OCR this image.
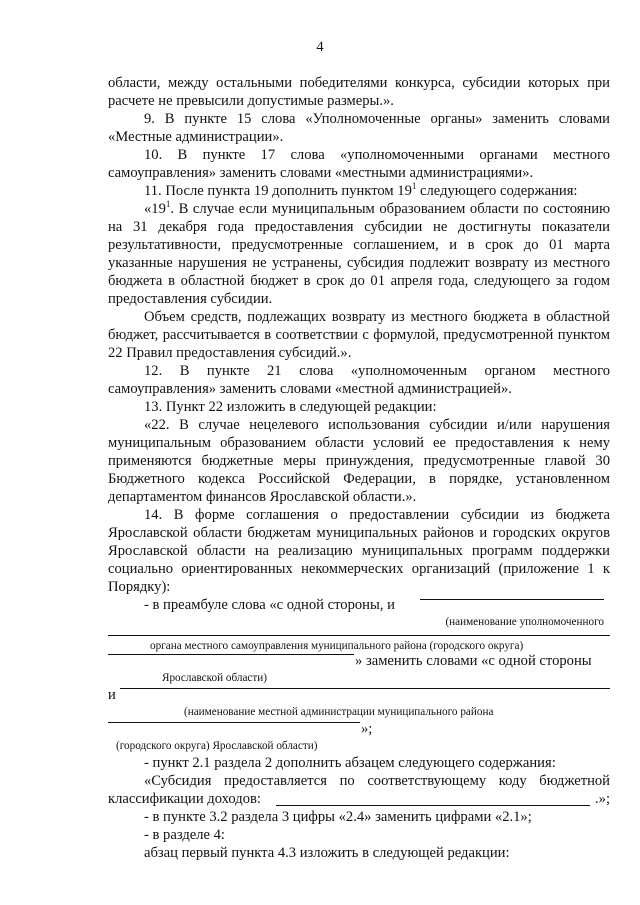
4

области, между остальными победителями конкурса, субсидии которых при расчете не превысили допустимые размеры.».

9. В пункте 15 слова «Уполномоченные органы» заменить словами «Местные администрации».

10. В пункте 17 слова «уполномоченными органами местного самоуправления» заменить словами «местными администрациями».

11. После пункта 19 дополнить пунктом $19^1$ следующего содержания:

«$19^1$. В случае если муниципальным образованием области по состоянию на 31 декабря года предоставления субсидии не достигнуты показатели результативности, предусмотренные соглашением, и в срок до 01 марта указанные нарушения не устранены, субсидия подлежит возврату из местного бюджета в областной бюджет в срок до 01 апреля года, следующего за годом предоставления субсидии.

Объем средств, подлежащих возврату из местного бюджета в областной бюджет, рассчитывается в соответствии с формулой, предусмотренной пунктом 22 Правил предоставления субсидий.».

12. В пункте 21 слова «уполномоченным органом местного самоуправления» заменить словами «местной администрацией».

13. Пункт 22 изложить в следующей редакции:

«22. В случае нецелевого использования субсидии и/или нарушения муниципальным образованием области условий ее предоставления к нему применяются бюджетные меры принуждения, предусмотренные главой 30 Бюджетного кодекса Российской Федерации, в порядке, установленном департаментом финансов Ярославской области.».

14. В форме соглашения о предоставлении субсидии из бюджета Ярославской области бюджетам муниципальных районов и городских округов Ярославской области на реализацию муниципальных программ поддержки социально ориентированных некоммерческих организаций (приложение 1 к Порядку):

- в преамбуле слова «с одной стороны, и
(наименование уполномоченного
органа местного самоуправления муниципального района (городского округа)
» заменить словами «с одной стороны
Ярославской области)
и
(наименование местной администрации муниципального района
»;
(городского округа) Ярославской области)

- пункт 2.1 раздела 2 дополнить абзацем следующего содержания:

«Субсидия предоставляется по соответствующему коду бюджетной классификации доходов:	.»;

- в пункте 3.2 раздела 3 цифры «2.4» заменить цифрами «2.1»;

- в разделе 4:

абзац первый пункта 4.3 изложить в следующей редакции:
